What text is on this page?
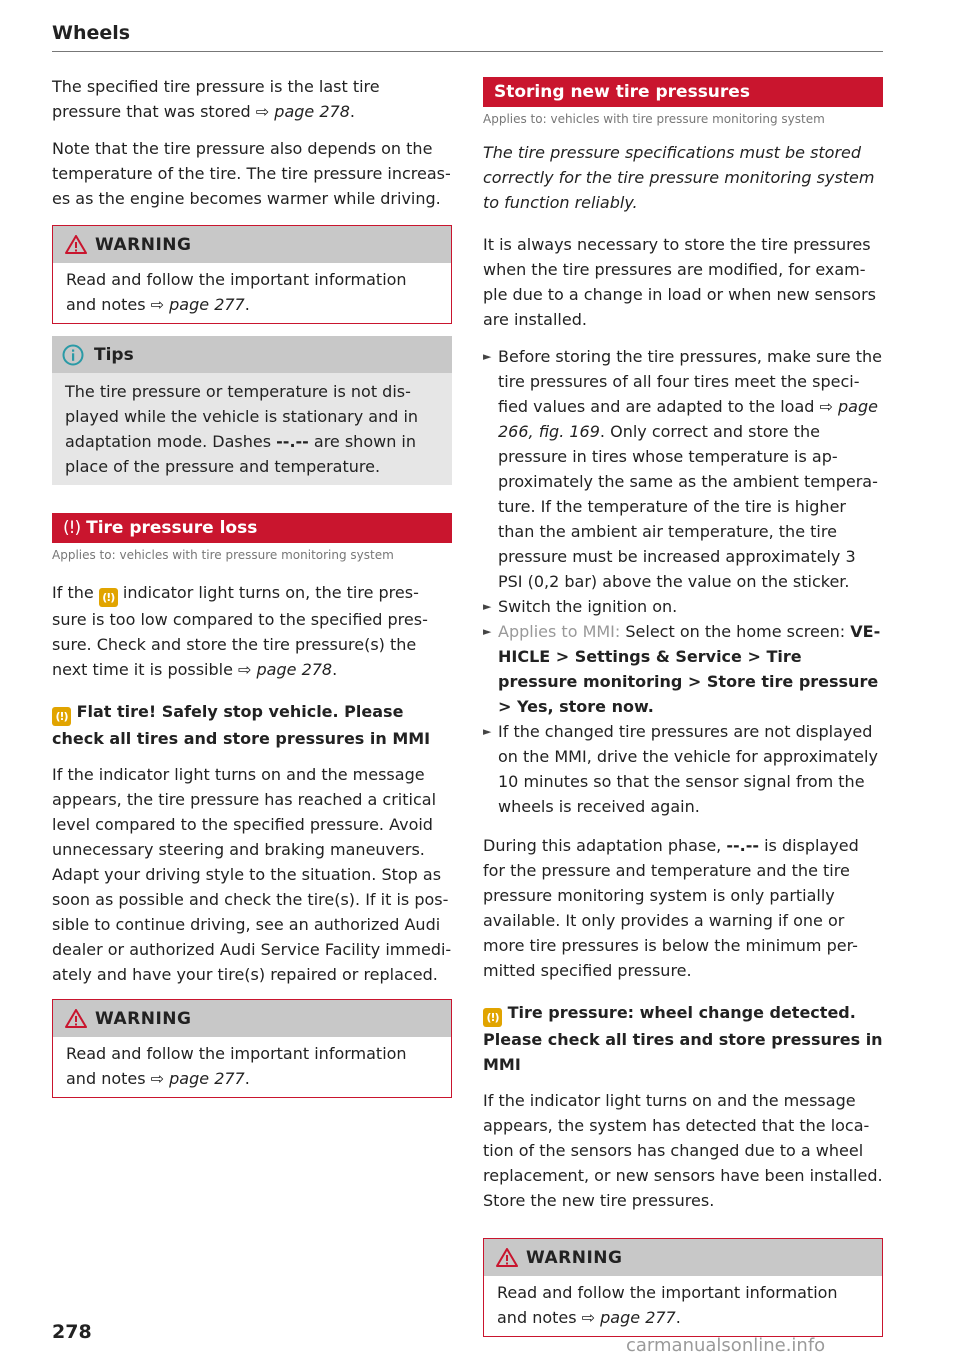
Wheels

The specified tire pressure is the last tire pressure that was stored ⇨ page 278.

Note that the tire pressure also depends on the temperature of the tire. The tire pressure increas-es as the engine becomes warmer while driving.

WARNING

Read and follow the important information and notes ⇨ page 277.

Tips

The tire pressure or temperature is not dis-played while the vehicle is stationary and in adaptation mode. Dashes --.-- are shown in place of the pressure and temperature.

(!) Tire pressure loss
Applies to: vehicles with tire pressure monitoring system

If the (!) indicator light turns on, the tire pres-sure is too low compared to the specified pres-sure. Check and store the tire pressure(s) the next time it is possible ⇨ page 278.

(!) Flat tire! Safely stop vehicle. Please check all tires and store pressures in MMI

If the indicator light turns on and the message appears, the tire pressure has reached a critical level compared to the specified pressure. Avoid unnecessary steering and braking maneuvers. Adapt your driving style to the situation. Stop as soon as possible and check the tire(s). If it is pos-sible to continue driving, see an authorized Audi dealer or authorized Audi Service Facility immedi-ately and have your tire(s) repaired or replaced.

WARNING

Read and follow the important information and notes ⇨ page 277.

Storing new tire pressures
Applies to: vehicles with tire pressure monitoring system

The tire pressure specifications must be stored correctly for the tire pressure monitoring system to function reliably.

It is always necessary to store the tire pressures when the tire pressures are modified, for exam-ple due to a change in load or when new sensors are installed.

► Before storing the tire pressures, make sure the tire pressures of all four tires meet the speci-fied values and are adapted to the load ⇨ page 266, fig. 169. Only correct and store the pressure in tires whose temperature is ap-proximately the same as the ambient tempera-ture. If the temperature of the tire is higher than the ambient air temperature, the tire pressure must be increased approximately 3 PSI (0,2 bar) above the value on the sticker.
► Switch the ignition on.
► Applies to MMI: Select on the home screen: VE-HICLE > Settings & Service > Tire pressure monitoring > Store tire pressure > Yes, store now.
► If the changed tire pressures are not displayed on the MMI, drive the vehicle for approximately 10 minutes so that the sensor signal from the wheels is received again.

During this adaptation phase, --.-- is displayed for the pressure and temperature and the tire pressure monitoring system is only partially available. It only provides a warning if one or more tire pressures is below the minimum per-mitted specified pressure.

(!) Tire pressure: wheel change detected. Please check all tires and store pressures in MMI

If the indicator light turns on and the message appears, the system has detected that the loca-tion of the sensors has changed due to a wheel replacement, or new sensors have been installed. Store the new tire pressures.

WARNING

Read and follow the important information and notes ⇨ page 277.

278
carmanualsonline.info
